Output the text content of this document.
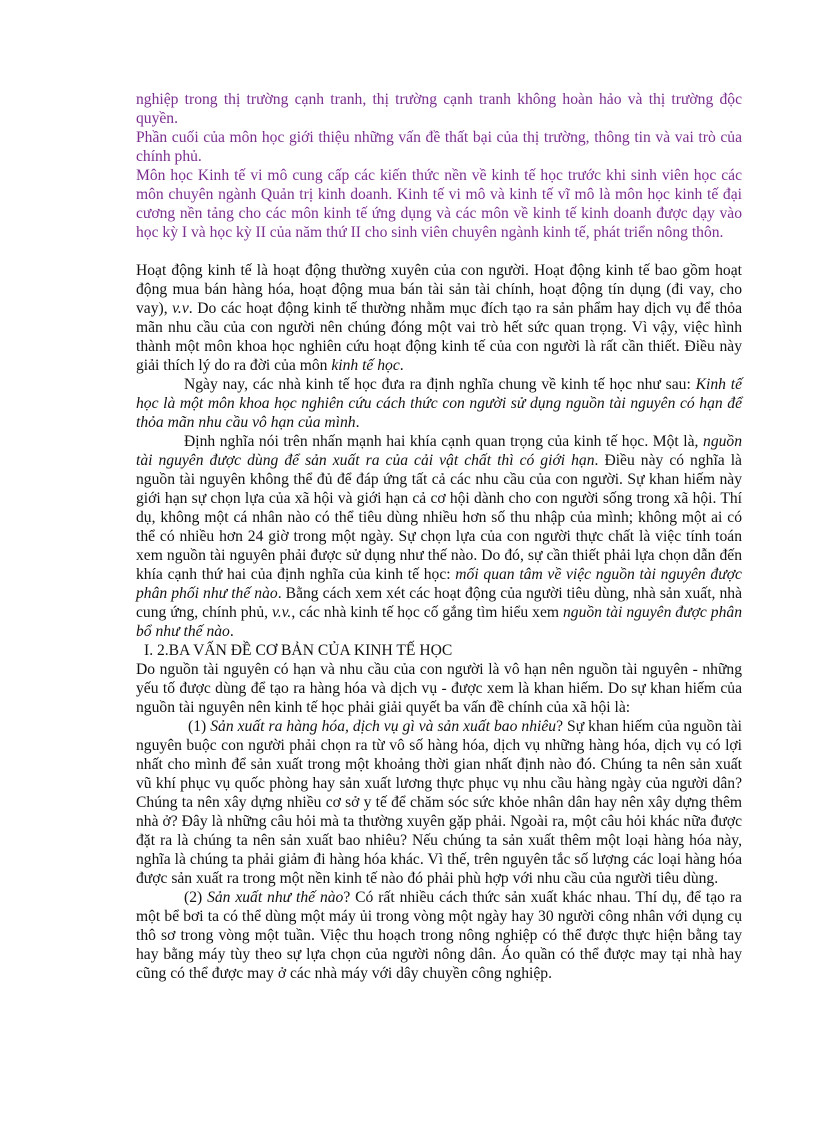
nghiệp trong thị trường cạnh tranh, thị trường cạnh tranh không hoàn hảo và thị trường độc quyền.

Phần cuối của môn học giới thiệu những vấn đề thất bại của thị trường, thông tin và vai trò của chính phủ.

Môn học Kinh tế vi mô cung cấp các kiến thức nền về kinh tế học trước khi sinh viên học các môn chuyên ngành Quản trị kinh doanh. Kinh tế vi mô và kinh tế vĩ mô là môn học kinh tế đại cương nền tảng cho các môn kinh tế ứng dụng và các môn về kinh tế kinh doanh được dạy vào học kỳ I và học kỳ II của năm thứ II cho sinh viên chuyên ngành kinh tế, phát triển nông thôn.

Hoạt động kinh tế là hoạt động thường xuyên của con người. Hoạt động kinh tế bao gồm hoạt động mua bán hàng hóa, hoạt động mua bán tài sản tài chính, hoạt động tín dụng (đi vay, cho vay), v.v. Do các hoạt động kinh tế thường nhằm mục đích tạo ra sản phẩm hay dịch vụ để thỏa mãn nhu cầu của con người nên chúng đóng một vai trò hết sức quan trọng. Vì vậy, việc hình thành một môn khoa học nghiên cứu hoạt động kinh tế của con người là rất cần thiết. Điều này giải thích lý do ra đời của môn kinh tế học.

Ngày nay, các nhà kinh tế học đưa ra định nghĩa chung về kinh tế học như sau: Kinh tế học là một môn khoa học nghiên cứu cách thức con người sử dụng nguồn tài nguyên có hạn để thỏa mãn nhu cầu vô hạn của mình.

Định nghĩa nói trên nhấn mạnh hai khía cạnh quan trọng của kinh tế học. Một là, nguồn tài nguyên được dùng để sản xuất ra của cải vật chất thì có giới hạn. Điều này có nghĩa là nguồn tài nguyên không thể đủ để đáp ứng tất cả các nhu cầu của con người. Sự khan hiếm này giới hạn sự chọn lựa của xã hội và giới hạn cả cơ hội dành cho con người sống trong xã hội. Thí dụ, không một cá nhân nào có thể tiêu dùng nhiều hơn số thu nhập của mình; không một ai có thể có nhiều hơn 24 giờ trong một ngày. Sự chọn lựa của con người thực chất là việc tính toán xem nguồn tài nguyên phải được sử dụng như thế nào. Do đó, sự cần thiết phải lựa chọn dẫn đến khía cạnh thứ hai của định nghĩa của kinh tế học: mối quan tâm về việc nguồn tài nguyên được phân phối như thế nào. Bằng cách xem xét các hoạt động của người tiêu dùng, nhà sản xuất, nhà cung ứng, chính phủ, v.v., các nhà kinh tế học cố gắng tìm hiểu xem nguồn tài nguyên được phân bổ như thế nào.

I. 2.BA VẤN ĐỀ CƠ BẢN CỦA KINH TẾ HỌC

Do nguồn tài nguyên có hạn và nhu cầu của con người là vô hạn nên nguồn tài nguyên - những yếu tố được dùng để tạo ra hàng hóa và dịch vụ - được xem là khan hiếm. Do sự khan hiếm của nguồn tài nguyên nên kinh tế học phải giải quyết ba vấn đề chính của xã hội là:

(1) Sản xuất ra hàng hóa, dịch vụ gì và sản xuất bao nhiêu? Sự khan hiếm của nguồn tài nguyên buộc con người phải chọn ra từ vô số hàng hóa, dịch vụ những hàng hóa, dịch vụ có lợi nhất cho mình để sản xuất trong một khoảng thời gian nhất định nào đó. Chúng ta nên sản xuất vũ khí phục vụ quốc phòng hay sản xuất lương thực phục vụ nhu cầu hàng ngày của người dân? Chúng ta nên xây dựng nhiều cơ sở y tế để chăm sóc sức khỏe nhân dân hay nên xây dựng thêm nhà ở? Đây là những câu hỏi mà ta thường xuyên gặp phải. Ngoài ra, một câu hỏi khác nữa được đặt ra là chúng ta nên sản xuất bao nhiêu? Nếu chúng ta sản xuất thêm một loại hàng hóa này, nghĩa là chúng ta phải giảm đi hàng hóa khác. Vì thế, trên nguyên tắc số lượng các loại hàng hóa được sản xuất ra trong một nền kinh tế nào đó phải phù hợp với nhu cầu của người tiêu dùng.

(2) Sản xuất như thế nào? Có rất nhiều cách thức sản xuất khác nhau. Thí dụ, để tạo ra một bể bơi ta có thể dùng một máy ủi trong vòng một ngày hay 30 người công nhân với dụng cụ thô sơ trong vòng một tuần. Việc thu hoạch trong nông nghiệp có thể được thực hiện bằng tay hay bằng máy tùy theo sự lựa chọn của người nông dân. Áo quần có thể được may tại nhà hay cũng có thể được may ở các nhà máy với dây chuyền công nghiệp.
